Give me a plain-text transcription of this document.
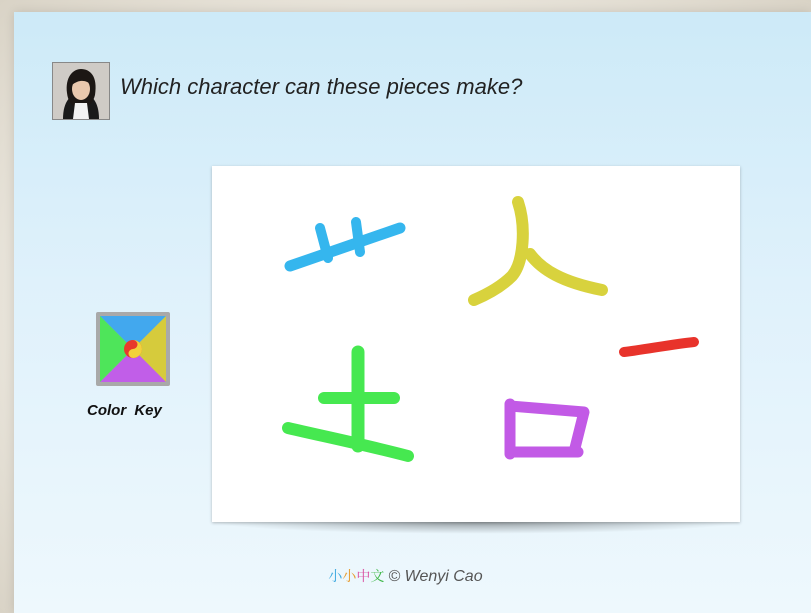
Which character can these pieces make?
Color Key
小小中文 © Wenyi Cao
